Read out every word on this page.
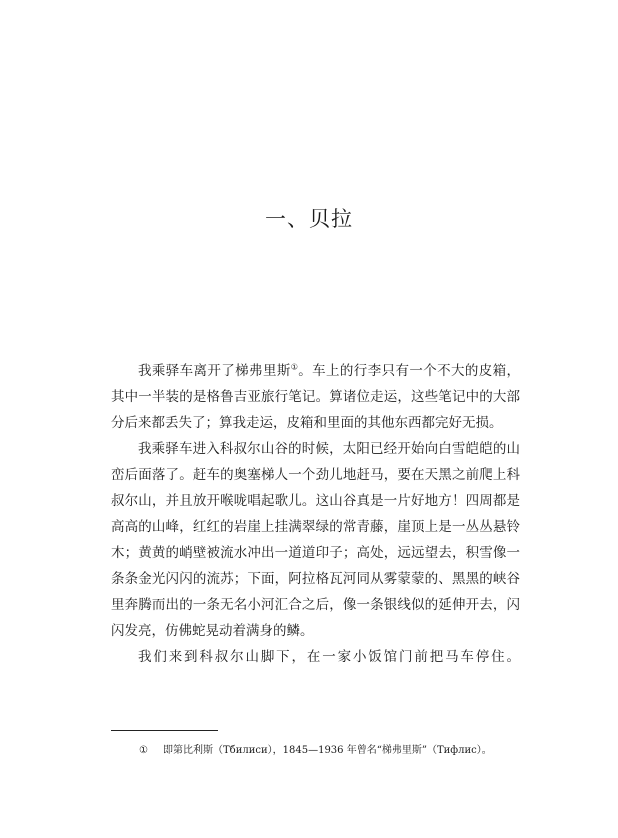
一、贝拉

我乘驿车离开了梯弗里斯①。车上的行李只有一个不大的皮箱，其中一半装的是格鲁吉亚旅行笔记。算诸位走运，这些笔记中的大部分后来都丢失了；算我走运，皮箱和里面的其他东西都完好无损。

我乘驿车进入科叔尔山谷的时候，太阳已经开始向白雪皑皑的山峦后面落了。赶车的奥塞梯人一个劲儿地赶马，要在天黑之前爬上科叔尔山，并且放开喉咙唱起歌儿。这山谷真是一片好地方！四周都是高高的山峰，红红的岩崖上挂满翠绿的常青藤，崖顶上是一丛丛悬铃木；黄黄的峭壁被流水冲出一道道印子；高处，远远望去，积雪像一条条金光闪闪的流苏；下面，阿拉格瓦河同从雾蒙蒙的、黑黑的峡谷里奔腾而出的一条无名小河汇合之后，像一条银线似的延伸开去，闪闪发亮，仿佛蛇晃动着满身的鳞。

我们来到科叔尔山脚下，在一家小饭馆门前把马车停住。

① 即第比利斯（Тбилиси），1845—1936 年曾名“梯弗里斯”（Тифлис）。
